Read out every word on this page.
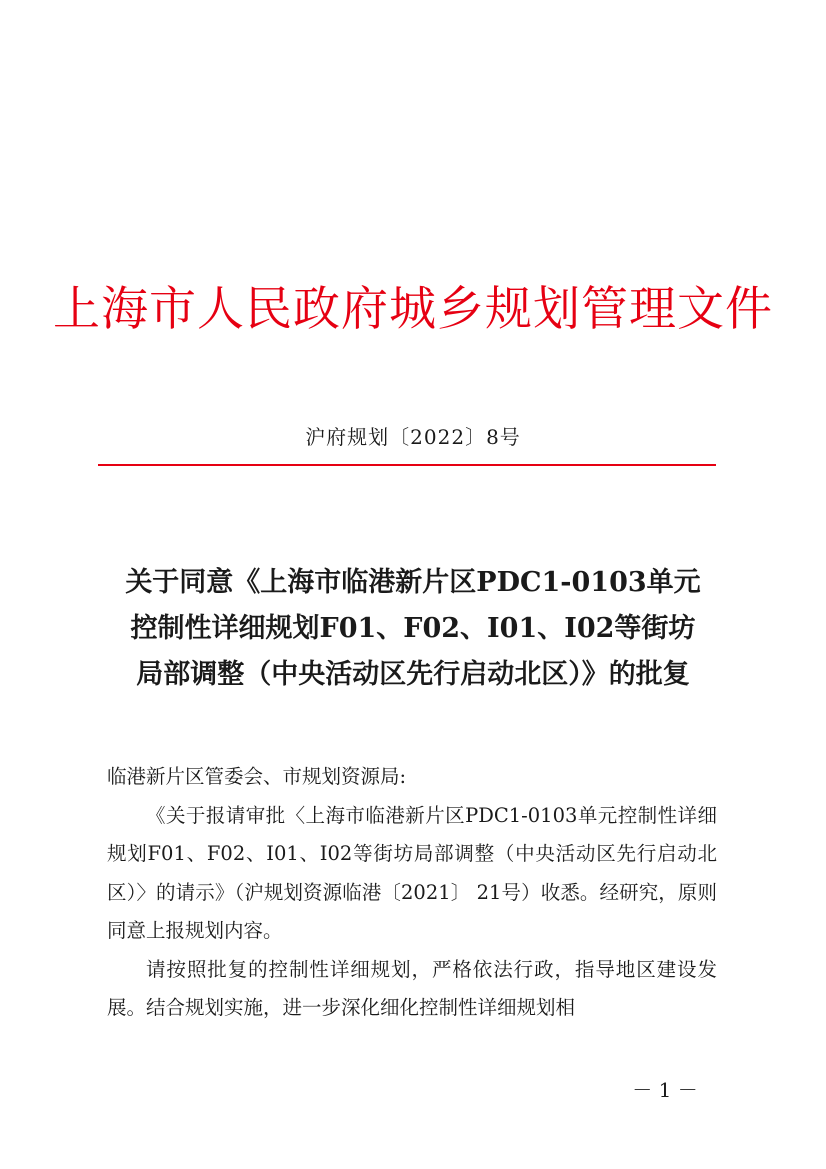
上海市人民政府城乡规划管理文件
沪府规划〔2022〕8号
关于同意《上海市临港新片区PDC1-0103单元
控制性详细规划F01、F02、I01、I02等街坊
局部调整（中央活动区先行启动北区）》的批复

临港新片区管委会、市规划资源局:

《关于报请审批〈上海市临港新片区PDC1-0103单元控制性详细规划F01、F02、I01、I02等街坊局部调整（中央活动区先行启动北区）〉的请示》（沪规划资源临港〔2021〕 21号）收悉。经研究，原则同意上报规划内容。

请按照批复的控制性详细规划，严格依法行政，指导地区建设发展。结合规划实施，进一步深化细化控制性详细规划相

－ 1 －
